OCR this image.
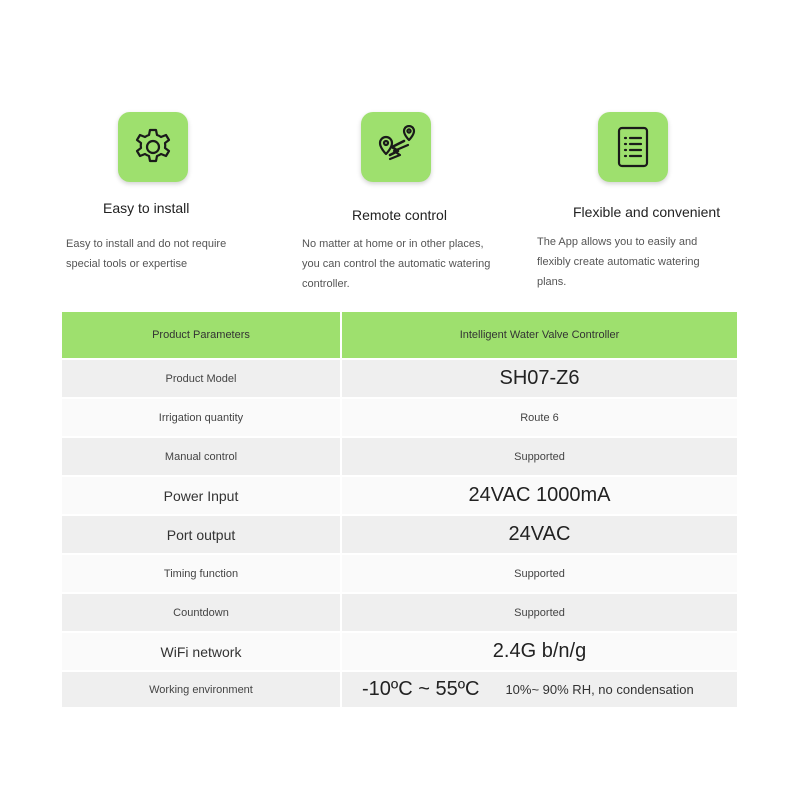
Easy to install
Easy to install and do not require special tools or expertise
Remote control
No matter at home or in other places, you can control the automatic watering controller.
Flexible and convenient
The App allows you to easily and flexibly create automatic watering plans.
Product Parameters	Intelligent Water Valve Controller
Product Model	SH07-Z6
Irrigation quantity	Route 6
Manual control	Supported
Power Input	24VAC 1000mA
Port output	24VAC
Timing function	Supported
Countdown	Supported
WiFi network	2.4G b/n/g
Working environment	-10ºC ~ 55ºC 10%~ 90% RH, no condensation
